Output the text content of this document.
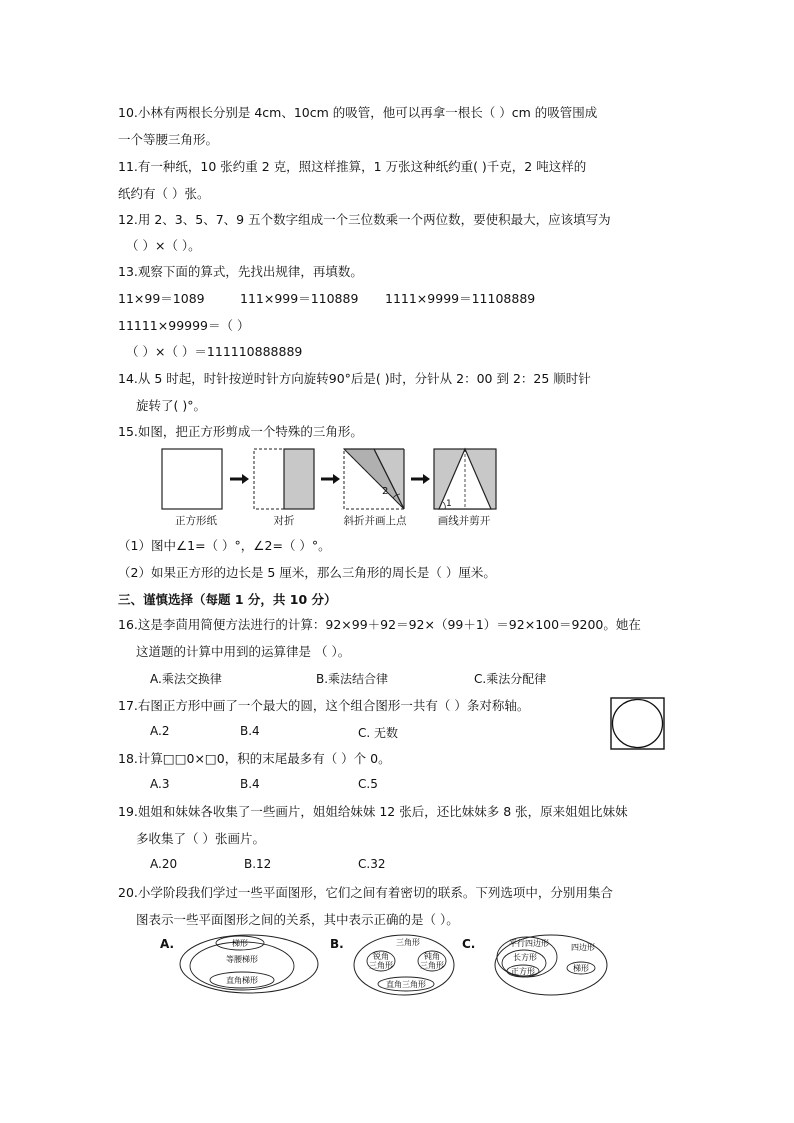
10.小林有两根长分别是 4cm、10cm 的吸管，他可以再拿一根长（ ）cm 的吸管围成
一个等腰三角形。
11.有一种纸，10 张约重 2 克，照这样推算，1 万张这种纸约重( )千克，2 吨这样的
纸约有（ ）张。
12.用 2、3、5、7、9 五个数字组成一个三位数乘一个两位数，要使积最大，应该填写为
（ ）×（ ）。
13.观察下面的算式，先找出规律，再填数。
11×99＝1089	111×999＝110889 1111×9999＝11108889
11111×99999＝（ ）
（ ）×（ ）＝111110888889
14.从 5 时起，时针按逆时针方向旋转90°后是( )时，分针从 2：00 到 2：25 顺时针
旋转了( )°。
15.如图，把正方形剪成一个特殊的三角形。
2
1
正方形纸	对折	斜折并画上点	画线并剪开
（1）图中∠1=（ ）°，∠2=（ ）°。
（2）如果正方形的边长是 5 厘米，那么三角形的周长是（ ）厘米。
三、谨慎选择（每题 1 分，共 10 分）
16.这是李茴用简便方法进行的计算：92×99＋92＝92×（99＋1）＝92×100＝9200。她在
这道题的计算中用到的运算律是 （ ）。
A.乘法交换律	B.乘法结合律	C.乘法分配律
17.右图正方形中画了一个最大的圆，这个组合图形一共有（ ）条对称轴。
A.2	B.4	C. 无数
18.计算□□0×□0，积的末尾最多有（ ）个 0。
A.3	B.4	C.5
19.姐姐和妹妹各收集了一些画片，姐姐给妹妹 12 张后，还比妹妹多 8 张，原来姐姐比妹妹
多收集了（ ）张画片。
A.20	B.12	C.32
20.小学阶段我们学过一些平面图形，它们之间有着密切的联系。下列选项中，分别用集合
图表示一些平面图形之间的关系，其中表示正确的是（ ）。
A.	梯形
等腰梯形
直角梯形
B.	三角形
锐角
三角形
钝角
三角形
直角三角形
C.	平行四边形
长方形
正方形
四边形
梯形
